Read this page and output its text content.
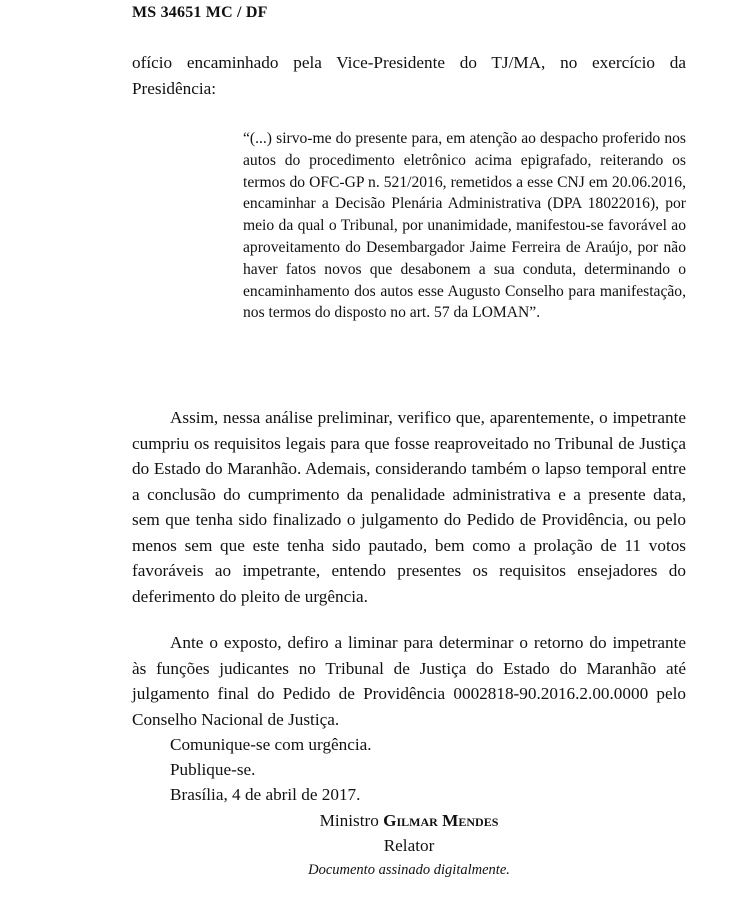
MS 34651 MC / DF
ofício encaminhado pela Vice-Presidente do TJ/MA, no exercício da Presidência:
“(...) sirvo-me do presente para, em atenção ao despacho proferido nos autos do procedimento eletrônico acima epigrafado, reiterando os termos do OFC-GP n. 521/2016, remetidos a esse CNJ em 20.06.2016, encaminhar a Decisão Plenária Administrativa (DPA 18022016), por meio da qual o Tribunal, por unanimidade, manifestou-se favorável ao aproveitamento do Desembargador Jaime Ferreira de Araújo, por não haver fatos novos que desabonem a sua conduta, determinando o encaminhamento dos autos esse Augusto Conselho para manifestação, nos termos do disposto no art. 57 da LOMAN”.
Assim, nessa análise preliminar, verifico que, aparentemente, o impetrante cumpriu os requisitos legais para que fosse reaproveitado no Tribunal de Justiça do Estado do Maranhão. Ademais, considerando também o lapso temporal entre a conclusão do cumprimento da penalidade administrativa e a presente data, sem que tenha sido finalizado o julgamento do Pedido de Providência, ou pelo menos sem que este tenha sido pautado, bem como a prolação de 11 votos favoráveis ao impetrante, entendo presentes os requisitos ensejadores do deferimento do pleito de urgência.
Ante o exposto, defiro a liminar para determinar o retorno do impetrante às funções judicantes no Tribunal de Justiça do Estado do Maranhão até julgamento final do Pedido de Providência 0002818-90.2016.2.00.0000 pelo Conselho Nacional de Justiça.
Comunique-se com urgência.
Publique-se.
Brasília, 4 de abril de 2017.
Ministro Gilmar Mendes
Relator
Documento assinado digitalmente.
